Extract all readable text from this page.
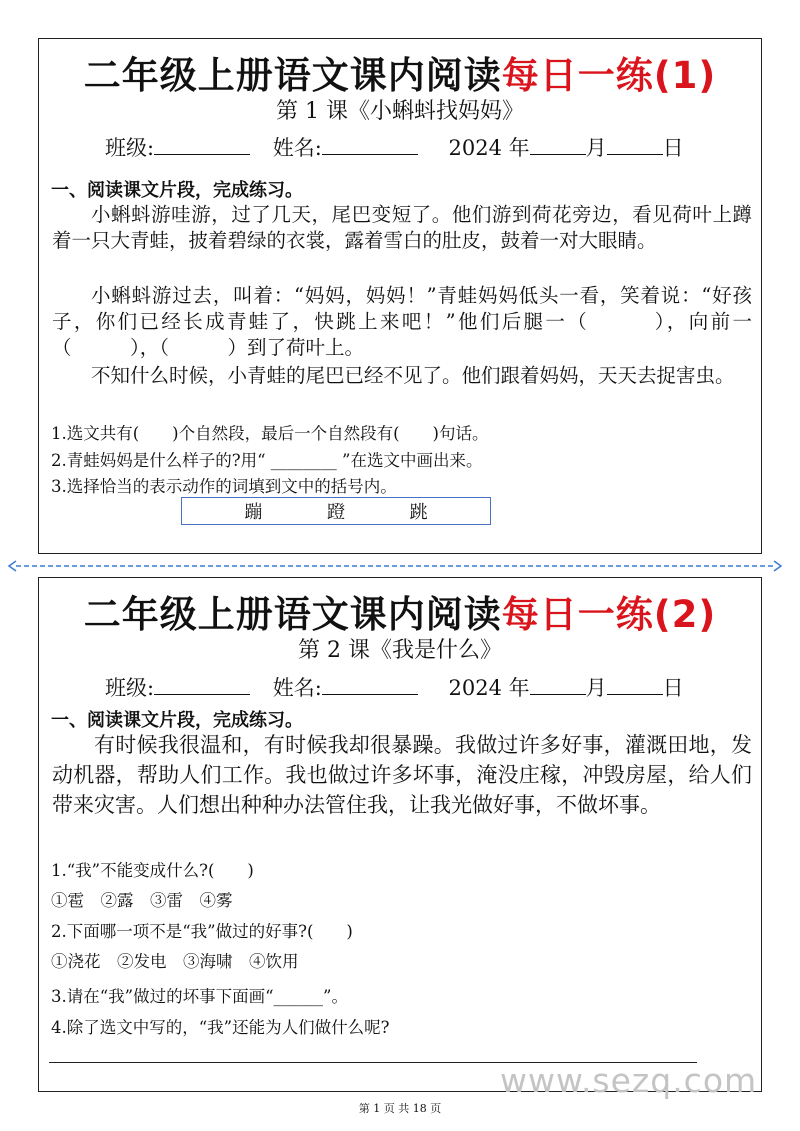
二年级上册语文课内阅读每日一练(1)
第 1 课《小蝌蚪找妈妈》
班级:	姓名:	2024 年	月	日
一、阅读课文片段，完成练习。

小蝌蚪游哇游，过了几天，尾巴变短了。他们游到荷花旁边，看见荷叶上蹲着一只大青蛙，披着碧绿的衣裳，露着雪白的肚皮，鼓着一对大眼睛。

小蝌蚪游过去，叫着：“妈妈，妈妈！”青蛙妈妈低头一看，笑着说：“好孩子，你们已经长成青蛙了，快跳上来吧！”他们后腿一（　　　），向前一（　　　），（　　　）到了荷叶上。

不知什么时候，小青蛙的尾巴已经不见了。他们跟着妈妈，天天去捉害虫。

1.选文共有(　　)个自然段，最后一个自然段有(　　)句话。
2.青蛙妈妈是什么样子的?用“ ________ ”在选文中画出来。
3.选择恰当的表示动作的词填到文中的括号内。
蹦	蹬	跳
二年级上册语文课内阅读每日一练(2)
第 2 课《我是什么》
班级:	姓名:	2024 年	月	日
一、阅读课文片段，完成练习。

有时候我很温和，有时候我却很暴躁。我做过许多好事，灌溉田地，发动机器，帮助人们工作。我也做过许多坏事，淹没庄稼，冲毁房屋，给人们带来灾害。人们想出种种办法管住我，让我光做好事，不做坏事。

1.“我”不能变成什么?(　　)
①雹　②露　③雷　④雾
2.下面哪一项不是“我”做过的好事?(　　)
①浇花　②发电　③海啸　④饮用
3.请在“我”做过的坏事下面画“______”。
4.除了选文中写的，“我”还能为人们做什么呢?
www.sezq.com
第 1 页 共 18 页
